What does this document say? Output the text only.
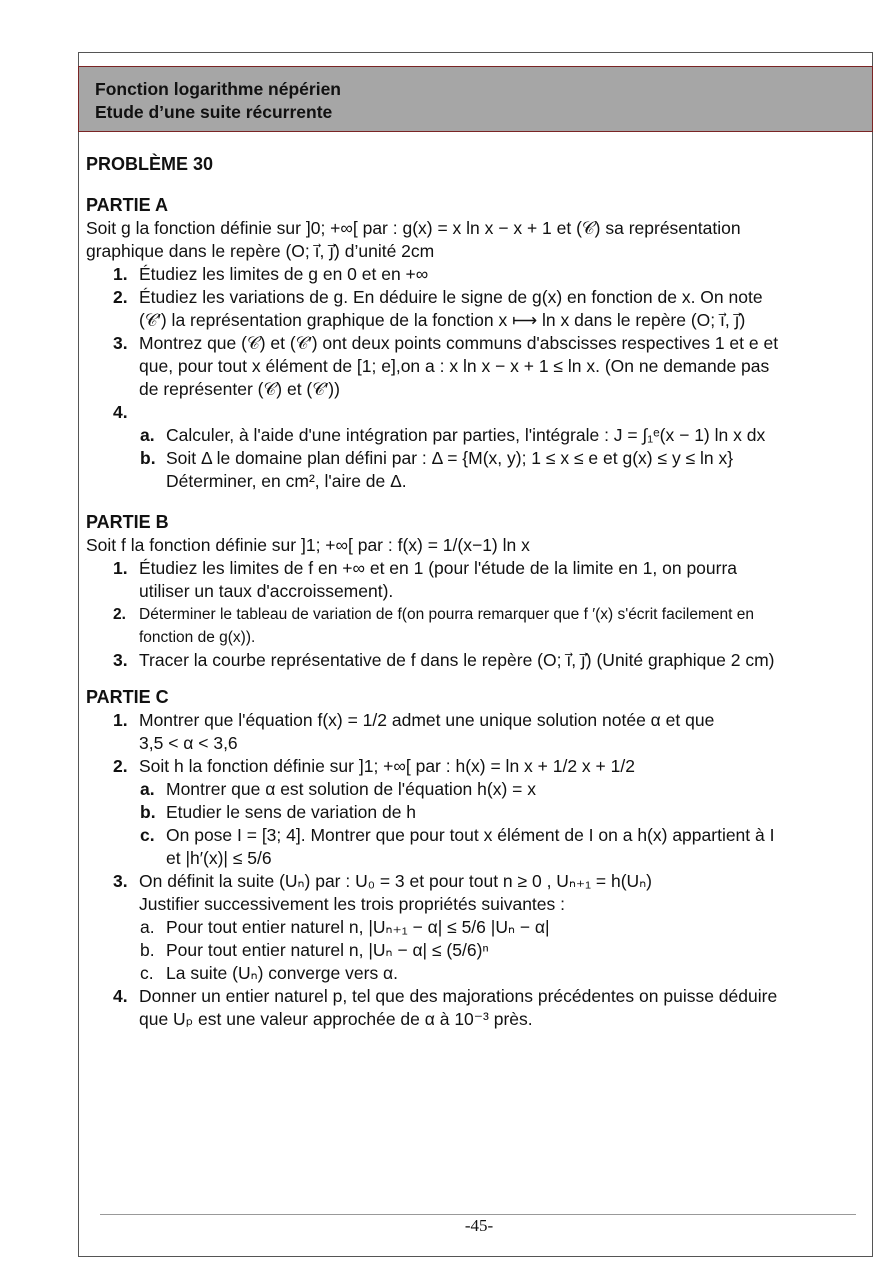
Fonction logarithme népérien
Etude d’une suite récurrente

PROBLÈME 30

PARTIE A

Soit g la fonction définie sur ]0; +∞[ par : g(x) = x ln x − x + 1 et (𝒞) sa représentation

graphique dans le repère (O; i⃗, j⃗) d’unité 2cm

1. Étudiez les limites de g en 0 et en +∞
2. Étudiez les variations de g. En déduire le signe de g(x) en fonction de x. On note
(𝒞′) la représentation graphique de la fonction x ⟼ ln x dans le repère (O; i⃗, j⃗)
3. Montrez que (𝒞) et (𝒞′) ont deux points communs d'abscisses respectives 1 et e et
que, pour tout x élément de [1; e],on a : x ln x − x + 1 ≤ ln x. (On ne demande pas
de représenter (𝒞) et (𝒞′))
4.
a. Calculer, à l'aide d'une intégration par parties, l'intégrale : J = ∫₁ᵉ(x − 1) ln x dx
b. Soit Δ le domaine plan défini par : Δ = {M(x, y); 1 ≤ x ≤ e et g(x) ≤ y ≤ ln x}
Déterminer, en cm², l'aire de Δ.

PARTIE B

Soit f la fonction définie sur ]1; +∞[ par : f(x) = 1/(x−1) ln x

1. Étudiez les limites de f en +∞ et en 1 (pour l'étude de la limite en 1, on pourra
utiliser un taux d'accroissement).
2. Déterminer le tableau de variation de f(on pourra remarquer que f ′(x) s'écrit facilement en
fonction de g(x)).
3. Tracer la courbe représentative de f dans le repère (O; i⃗, j⃗) (Unité graphique 2 cm)

PARTIE C

1. Montrer que l'équation f(x) = 1/2 admet une unique solution notée α et que
3,5 < α < 3,6
2. Soit h la fonction définie sur ]1; +∞[ par : h(x) = ln x + 1/2 x + 1/2
a. Montrer que α est solution de l'équation h(x) = x
b. Etudier le sens de variation de h
c. On pose I = [3; 4]. Montrer que pour tout x élément de I on a h(x) appartient à I
et |h′(x)| ≤ 5/6
3. On définit la suite (Uₙ) par : U₀ = 3 et pour tout n ≥ 0 , Uₙ₊₁ = h(Uₙ)
Justifier successivement les trois propriétés suivantes :
a. Pour tout entier naturel n, |Uₙ₊₁ − α| ≤ 5/6 |Uₙ − α|
b. Pour tout entier naturel n, |Uₙ − α| ≤ (5/6)ⁿ
c. La suite (Uₙ) converge vers α.
4. Donner un entier naturel p, tel que des majorations précédentes on puisse déduire
que Uₚ est une valeur approchée de α à 10⁻³ près.
-45-
